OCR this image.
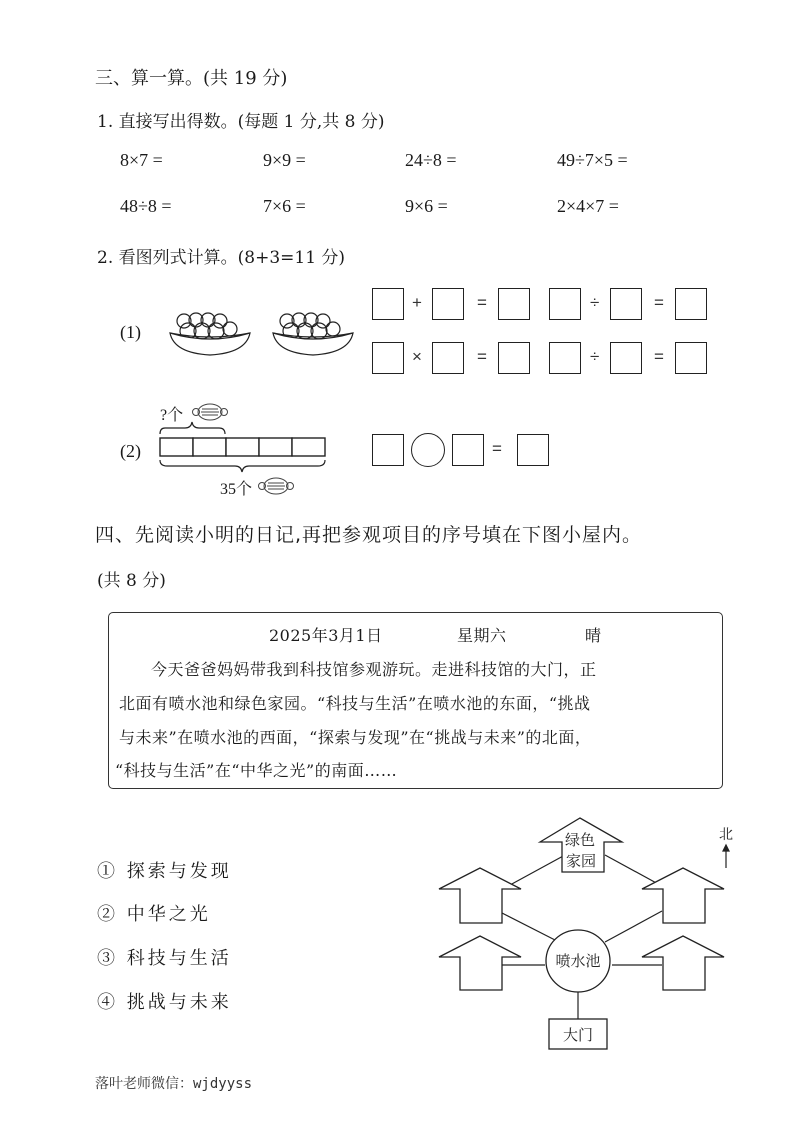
三、算一算。(共 19 分)
1. 直接写出得数。(每题 1 分,共 8 分)
8×7 =	9×9 =	24÷8 =	49÷7×5 =
48÷8 =	7×6 =	9×6 =	2×4×7 =
2. 看图列式计算。(8+3=11 分)
(1)
+	=	÷	=
×	=	÷	=
(2)
?个
35个
=
四、先阅读小明的日记,再把参观项目的序号填在下图小屋内。
(共 8 分)
2025年3月1日	星期六	晴
今天爸爸妈妈带我到科技馆参观游玩。走进科技馆的大门，正
北面有喷水池和绿色家园。“科技与生活”在喷水池的东面，“挑战
与未来”在喷水池的西面，“探索与发现”在“挑战与未来”的北面，
“科技与生活”在“中华之光”的南面……
① 探索与发现
② 中华之光
③ 科技与生活
④ 挑战与未来
绿色
家园
喷水池
大门
北
落叶老师微信：wjdyyss
